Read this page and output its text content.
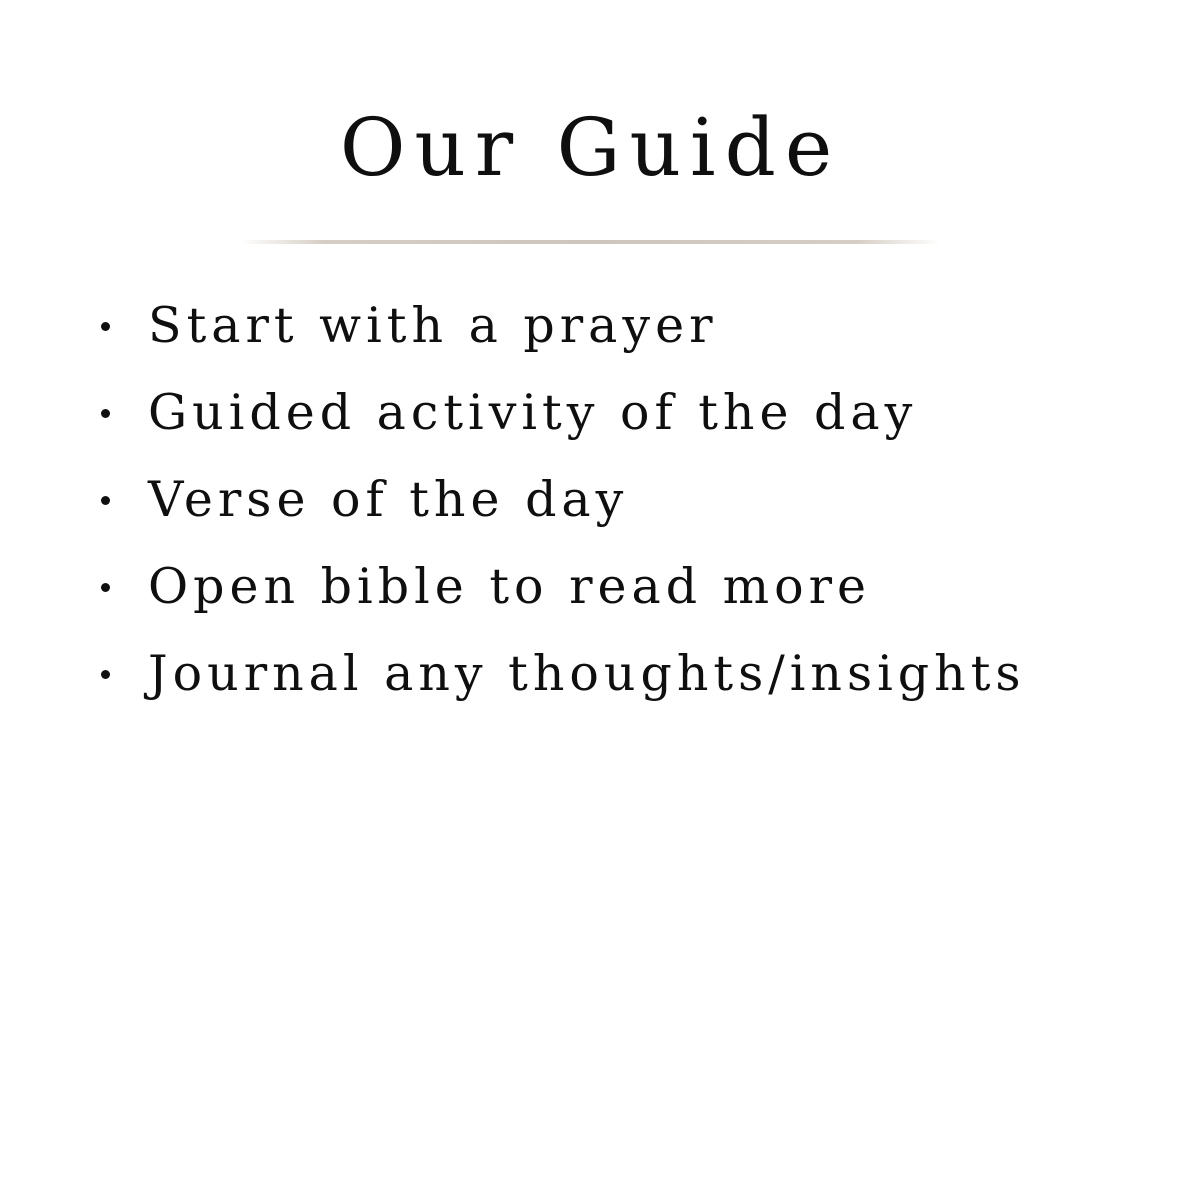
Our Guide
Start with a prayer
Guided activity of the day
Verse of the day
Open bible to read more
Journal any thoughts/insights
